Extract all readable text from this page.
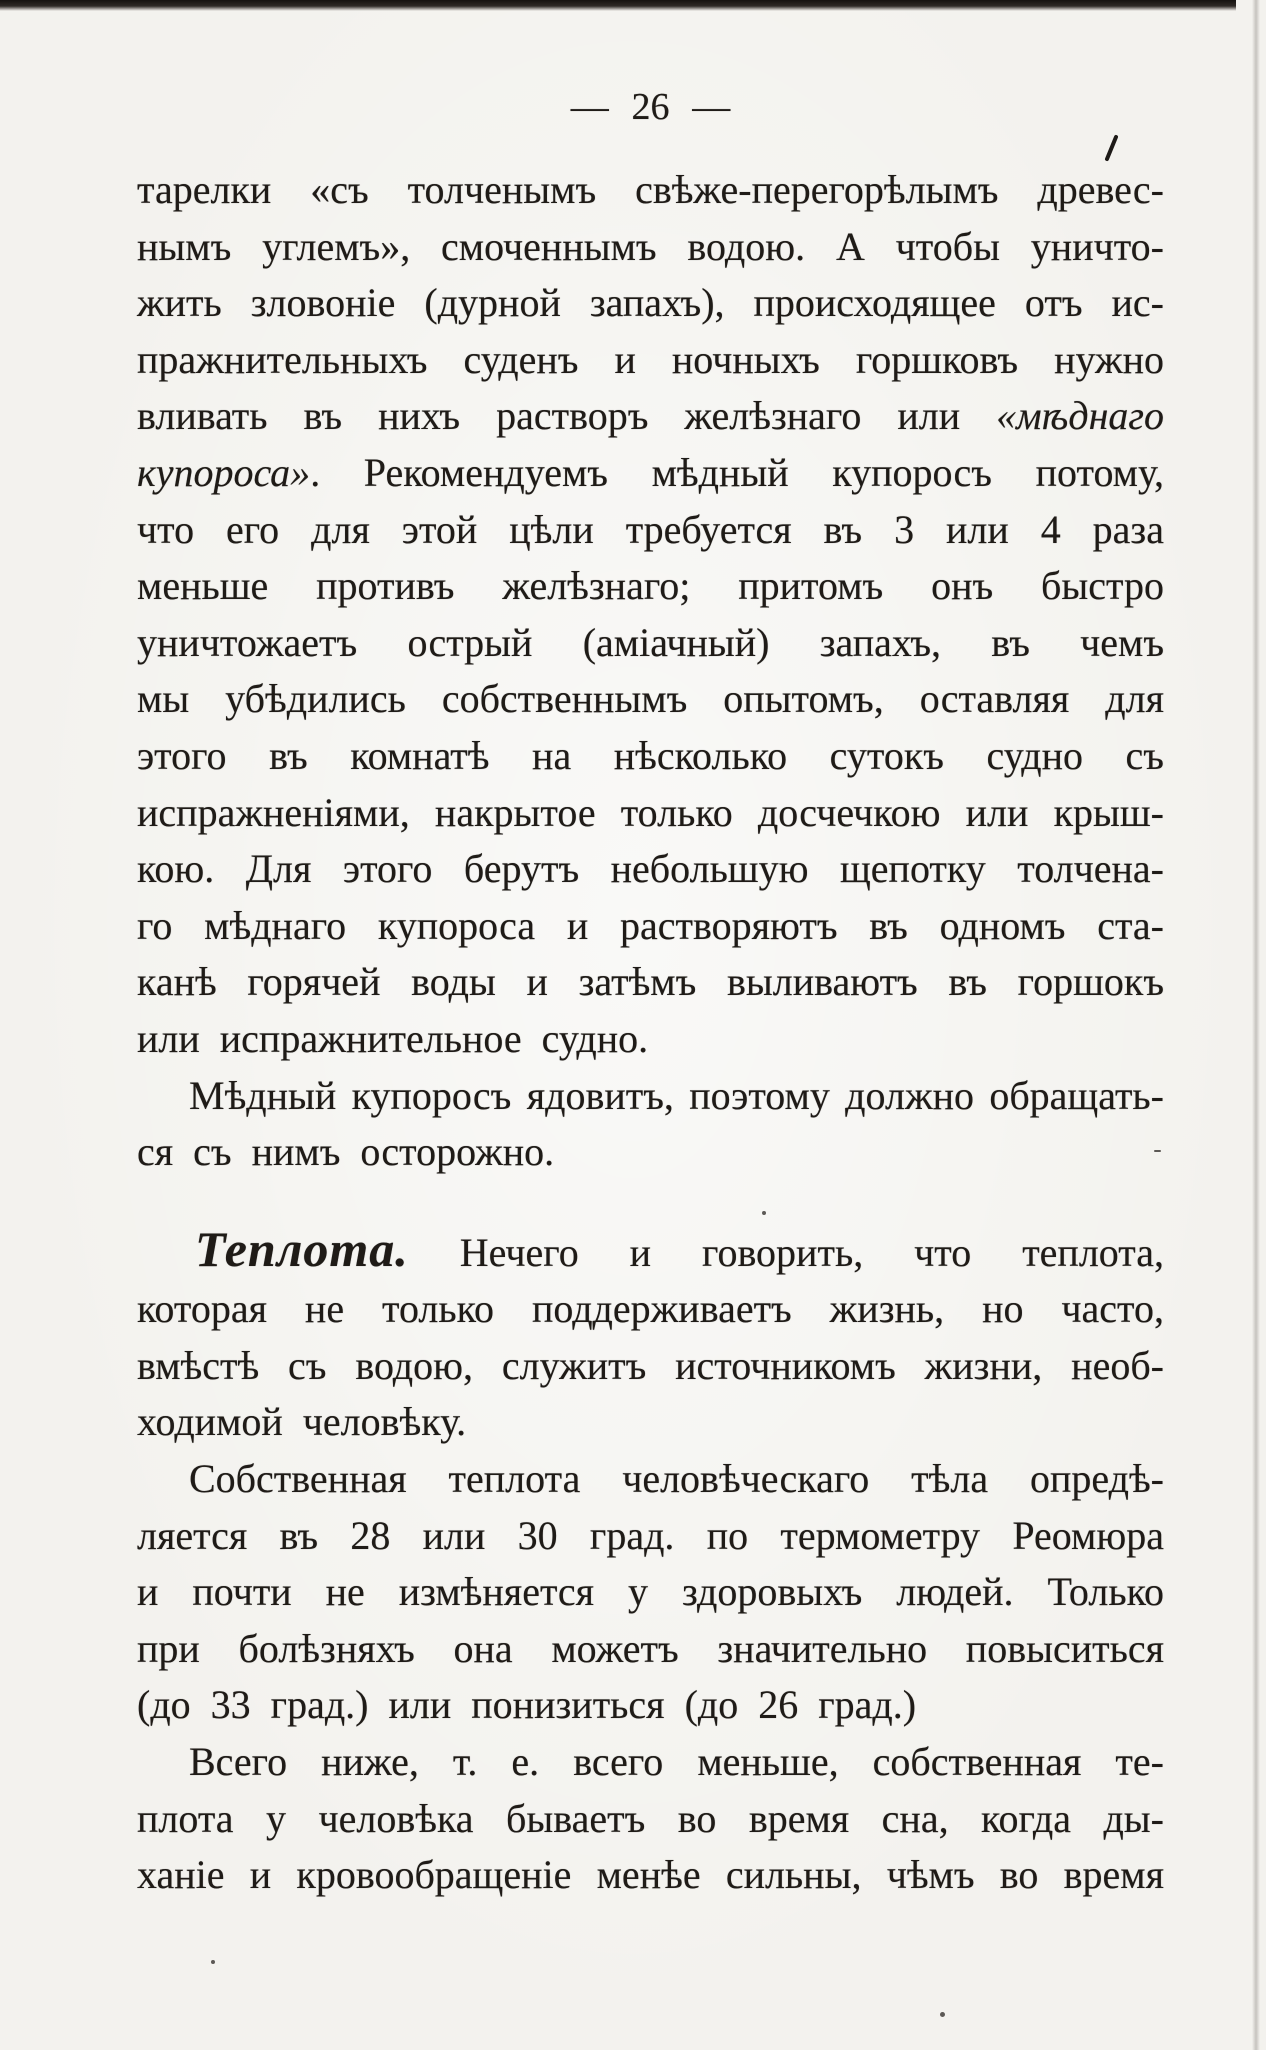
— 26 —
тарелки «съ толченымъ свѣже-перегорѣлымъ древес-
нымъ углемъ», смоченнымъ водою. А чтобы уничто-
жить зловоніе (дурной запахъ), происходящее отъ ис-
пражнительныхъ суденъ и ночныхъ горшковъ нужно
вливать въ нихъ растворъ желѣзнаго или «мѣднаго
купороса». Рекомендуемъ мѣдный купоросъ потому,
что его для этой цѣли требуется въ 3 или 4 раза
меньше противъ желѣзнаго; притомъ онъ быстро
уничтожаетъ острый (аміачный) запахъ, въ чемъ
мы убѣдились собственнымъ опытомъ, оставляя для
этого въ комнатѣ на нѣсколько сутокъ судно съ
испражненіями, накрытое только досчечкою или крыш-
кою. Для этого берутъ небольшую щепотку толчена-
го мѣднаго купороса и растворяютъ въ одномъ ста-
канѣ горячей воды и затѣмъ выливаютъ въ горшокъ
или испражнительное судно.
Мѣдный купоросъ ядовитъ, поэтому должно обращать-
ся съ нимъ осторожно.
Теплота. Нечего и говорить, что теплота,
которая не только поддерживаетъ жизнь, но часто,
вмѣстѣ съ водою, служитъ источникомъ жизни, необ-
ходимой человѣку.
Собственная теплота человѣческаго тѣла опредѣ-
ляется въ 28 или 30 град. по термометру Реомюра
и почти не измѣняется у здоровыхъ людей. Только
при болѣзняхъ она можетъ значительно повыситься
(до 33 град.) или понизиться (до 26 град.)
Всего ниже, т. е. всего меньше, собственная те-
плота у человѣка бываетъ во время сна, когда ды-
ханіе и кровообращеніе менѣе сильны, чѣмъ во время
